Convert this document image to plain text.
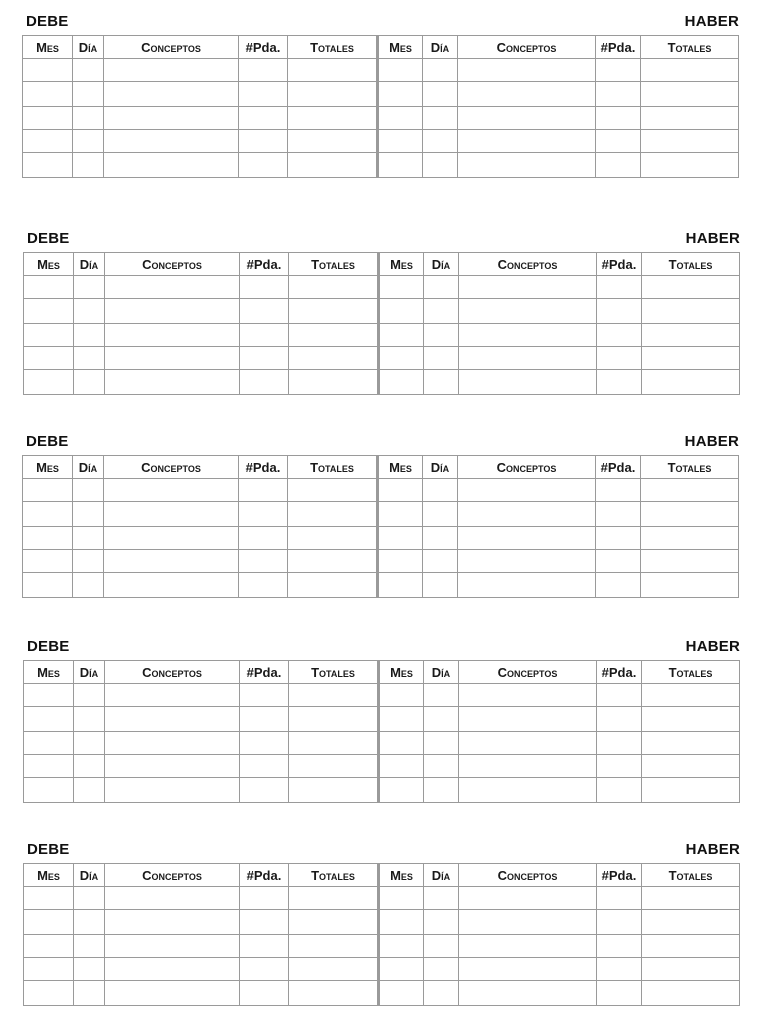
DEBE	HABER
Mes	Día	Conceptos	#Pda.	Totales	Mes	Día	Conceptos	#Pda.	Totales

DEBE	HABER
Mes	Día	Conceptos	#Pda.	Totales	Mes	Día	Conceptos	#Pda.	Totales

DEBE	HABER
Mes	Día	Conceptos	#Pda.	Totales	Mes	Día	Conceptos	#Pda.	Totales

DEBE	HABER
Mes	Día	Conceptos	#Pda.	Totales	Mes	Día	Conceptos	#Pda.	Totales

DEBE	HABER
Mes	Día	Conceptos	#Pda.	Totales	Mes	Día	Conceptos	#Pda.	Totales
